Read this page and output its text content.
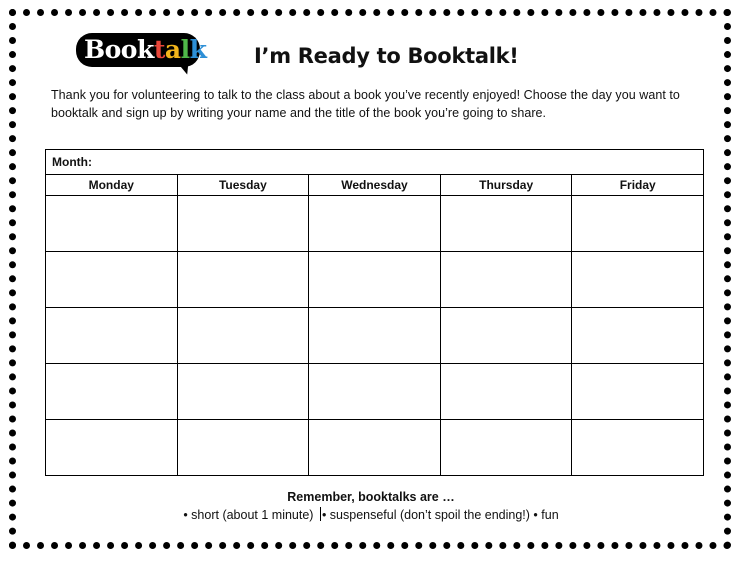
Booktalk! I’m Ready to Booktalk!
Thank you for volunteering to talk to the class about a book you’ve recently enjoyed! Choose the day you want to booktalk and sign up by writing your name and the title of the book you’re going to share.
Month:				
Monday	Tuesday	Wednesday	Thursday	Friday

Remember, booktalks are …
• short (about 1 minute) • suspenseful (don’t spoil the ending!) • fun
